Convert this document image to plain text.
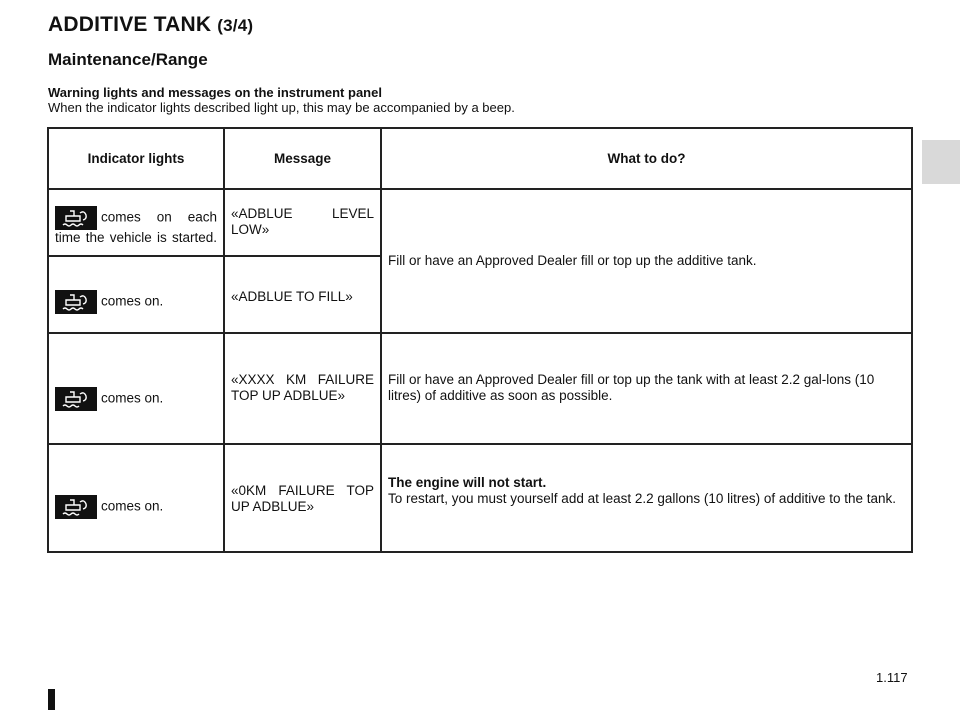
ADDITIVE TANK (3/4)
Maintenance/Range
Warning lights and messages on the instrument panel
When the indicator lights described light up, this may be accompanied by a beep.
Indicator lights	Message	What to do?

comes on each time the vehicle is started.	«ADBLUE LEVEL LOW»	Fill or have an Approved Dealer fill or top up the additive tank.

comes on.	«ADBLUE TO FILL»	

comes on.	«XXXX KM FAILURE TOP UP ADBLUE»	Fill or have an Approved Dealer fill or top up the tank with at least 2.2 gal-lons (10 litres) of additive as soon as possible.

comes on.	«0KM FAILURE TOP UP ADBLUE»	The engine will not start.
To restart, you must yourself add at least 2.2 gallons (10 litres) of additive to the tank.
1.117
